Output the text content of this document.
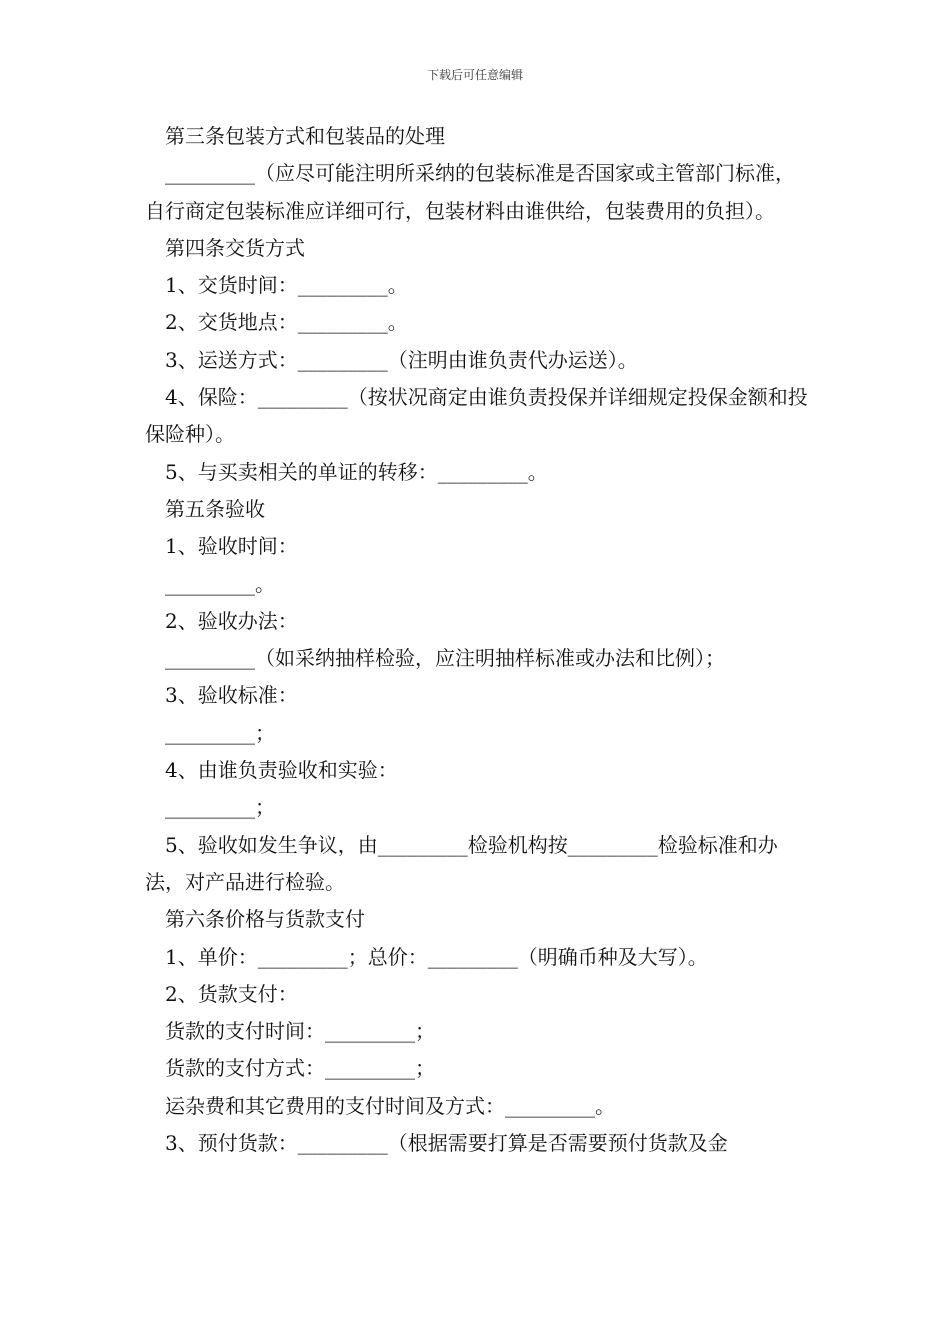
下载后可任意编辑
第三条包装方式和包装品的处理

_________（应尽可能注明所采纳的包装标准是否国家或主管部门标准，自行商定包装标准应详细可行，包装材料由谁供给，包装费用的负担）。

第四条交货方式
1、交货时间：_________。
2、交货地点：_________。
3、运送方式：_________（注明由谁负责代办运送）。

4、保险：_________（按状况商定由谁负责投保并详细规定投保金额和投保险种）。

5、与买卖相关的单证的转移：_________。
第五条验收
1、验收时间：
_________。
2、验收办法：
_________（如采纳抽样检验，应注明抽样标准或办法和比例）；
3、验收标准：
_________；
4、由谁负责验收和实验：
_________；

5、验收如发生争议，由_________检验机构按_________检验标准和办法，对产品进行检验。

第六条价格与货款支付
1、单价：_________；总价：_________（明确币种及大写）。
2、货款支付：
货款的支付时间：_________；
货款的支付方式：_________；
运杂费和其它费用的支付时间及方式：_________。
3、预付货款：_________（根据需要打算是否需要预付货款及金
